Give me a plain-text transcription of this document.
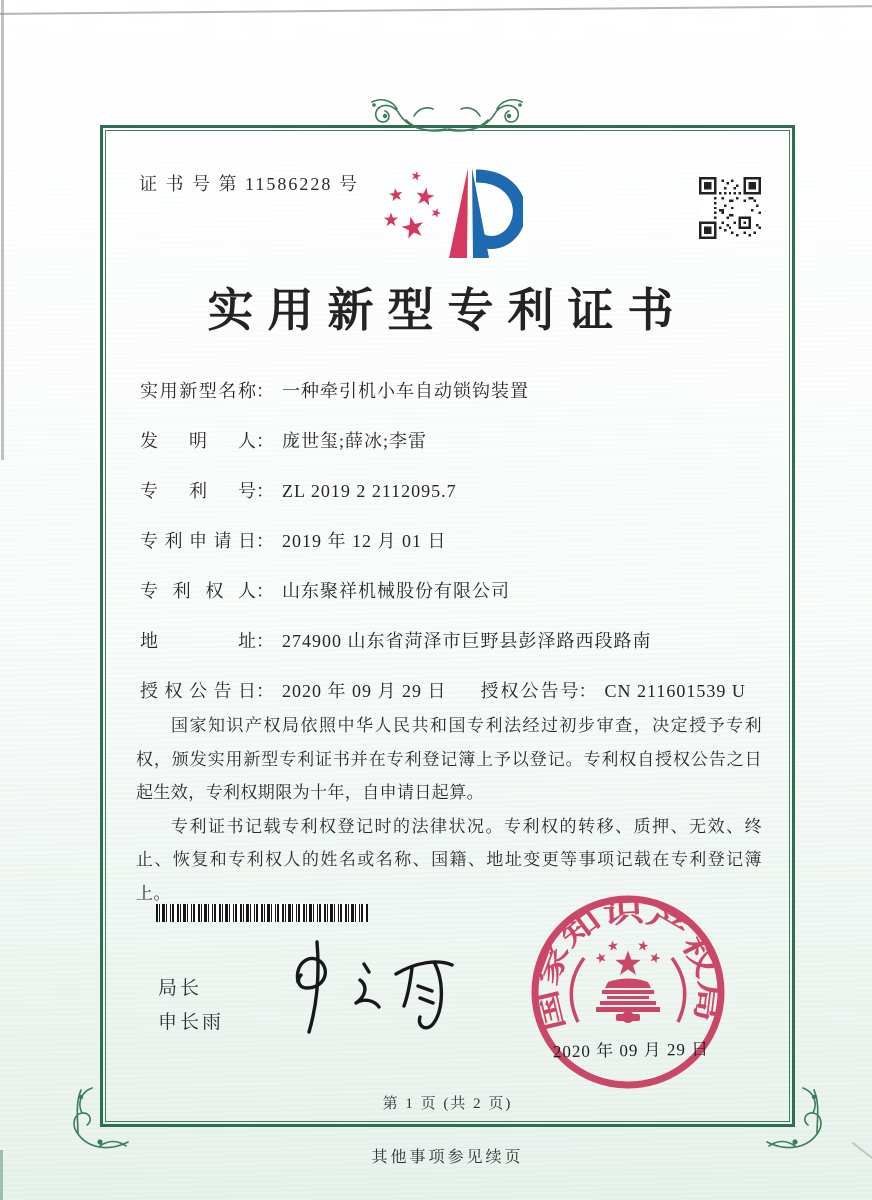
证 书 号 第 11586228 号
实用新型专利证书
实用新型名称： 一种牵引机小车自动锁钩装置
发明人： 庞世玺;薛冰;李雷
专利号： ZL 2019 2 2112095.7
专利申请日： 2019 年 12 月 01 日
专利权人： 山东聚祥机械股份有限公司
地址： 274900 山东省菏泽市巨野县彭泽路西段路南
授权公告日： 2020 年 09 月 29 日 授权公告号： CN 211601539 U

国家知识产权局依照中华人民共和国专利法经过初步审查，决定授予专利权，颁发实用新型专利证书并在专利登记簿上予以登记。专利权自授权公告之日起生效，专利权期限为十年，自申请日起算。

专利证书记载专利权登记时的法律状况。专利权的转移、质押、无效、终止、恢复和专利权人的姓名或名称、国籍、地址变更等事项记载在专利登记簿上。

局长
申长雨	国家知识产权局
2020 年 09 月 29 日
第 1 页 (共 2 页)
其他事项参见续页
